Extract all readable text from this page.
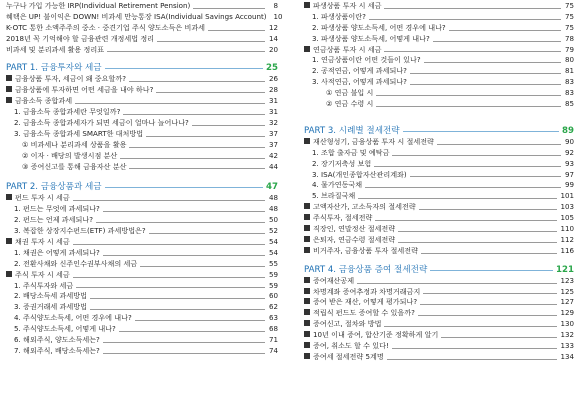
누구나 가입 가능한 IRP(Individual Retirement Pension)	8
혜택은 UP! 불이익은 DOWN! 비과세 만능통장 ISA(Individual Savings Account) 10
K-OTC 통한 소액주주의 중소 · 중견기업 주식 양도소득은 비과세	12
2018년 꼭 기억해야 할 금융관련 개정세법 정리	14
비과세 및 분리과세 활용 정리표	20
PART 1. 금융투자와 세금	25
금융상품 투자, 세금이 왜 중요할까?	26
금융상품에 투자하면 어떤 세금을 내야 하나?	28
금융소득 종합과세	31
1. 금융소득 종합과세란 무엇일까?	31
2. 금융소득 종합과세자가 되면 세금이 얼마나 늘어나나?	32
3. 금융소득 종합과세 SMART한 대처방법	37
① 비과세나 분리과세 상품을 활용	37
② 이자 · 배당의 발생시점 분산	42
③ 증여신고를 통해 금융자산 분산	44
PART 2. 금융상품과 세금	47
펀드 투자 시 세금	48
1. 펀드는 무엇에 과세되나?	48
2. 펀드는 언제 과세되나?	50
3. 복잡한 상장지수펀드(ETF) 과세방법은?	52
채권 투자 시 세금	54
1. 채권은 어떻게 과세되나?	54
2. 전환사채와 신주인수권부사채의 세금	55
주식 투자 시 세금	59
1. 주식투자와 세금	59
2. 배당소득세 과세방법	60
3. 증권거래세 과세방법	62
4. 주식양도소득세, 어떤 경우에 내나?	63
5. 주식양도소득세, 어떻게 내나?	68
6. 해외주식, 양도소득세는?	71
7. 해외주식, 배당소득세는?	74
파생상품 투자 시 세금	75
1. 파생상품이란?	75
2. 파생상품 양도소득세, 어떤 경우에 내나?	75
3. 파생상품 양도소득세, 어떻게 내나?	78
연금상품 투자 시 세금	79
1. 연금상품이란 어떤 것들이 있나?	80
2. 공적연금, 어떻게 과세되나?	81
3. 사적연금, 어떻게 과세되나?	83
① 연금 불입 시	83
② 연금 수령 시	85
PART 3. 시례별 절세전략	89
재산형성기, 금융상품 투자 시 절세전략	90
1. 조합 출자금 및 예탁금	92
2. 장기저축성 보험	93
3. ISA(개인종합자산관리계좌)	97
4. 물가연동국채	99
5. 브라질국채	101
고액자산가, 고소득자의 절세전략	103
주식투자, 절세전략	105
직장인, 연말정산 절세전략	110
은퇴자, 연금수령 절세전략	112
비거주자, 금융상품 투자 절세전략	116
PART 4. 금융상품 증여 절세전략	121
증여재산공제	123
차명계좌 증여추정과 차명거래금지	125
증여 받은 재산, 어떻게 평가되나?	127
적립식 펀드도 증여할 수 있을까?	129
증여신고, 절차와 방법	130
10년 이내 증여, 합산기준 정확하게 알기	132
증여, 취소도 할 수 있다!	133
증여세 절세전략 5계명	134
